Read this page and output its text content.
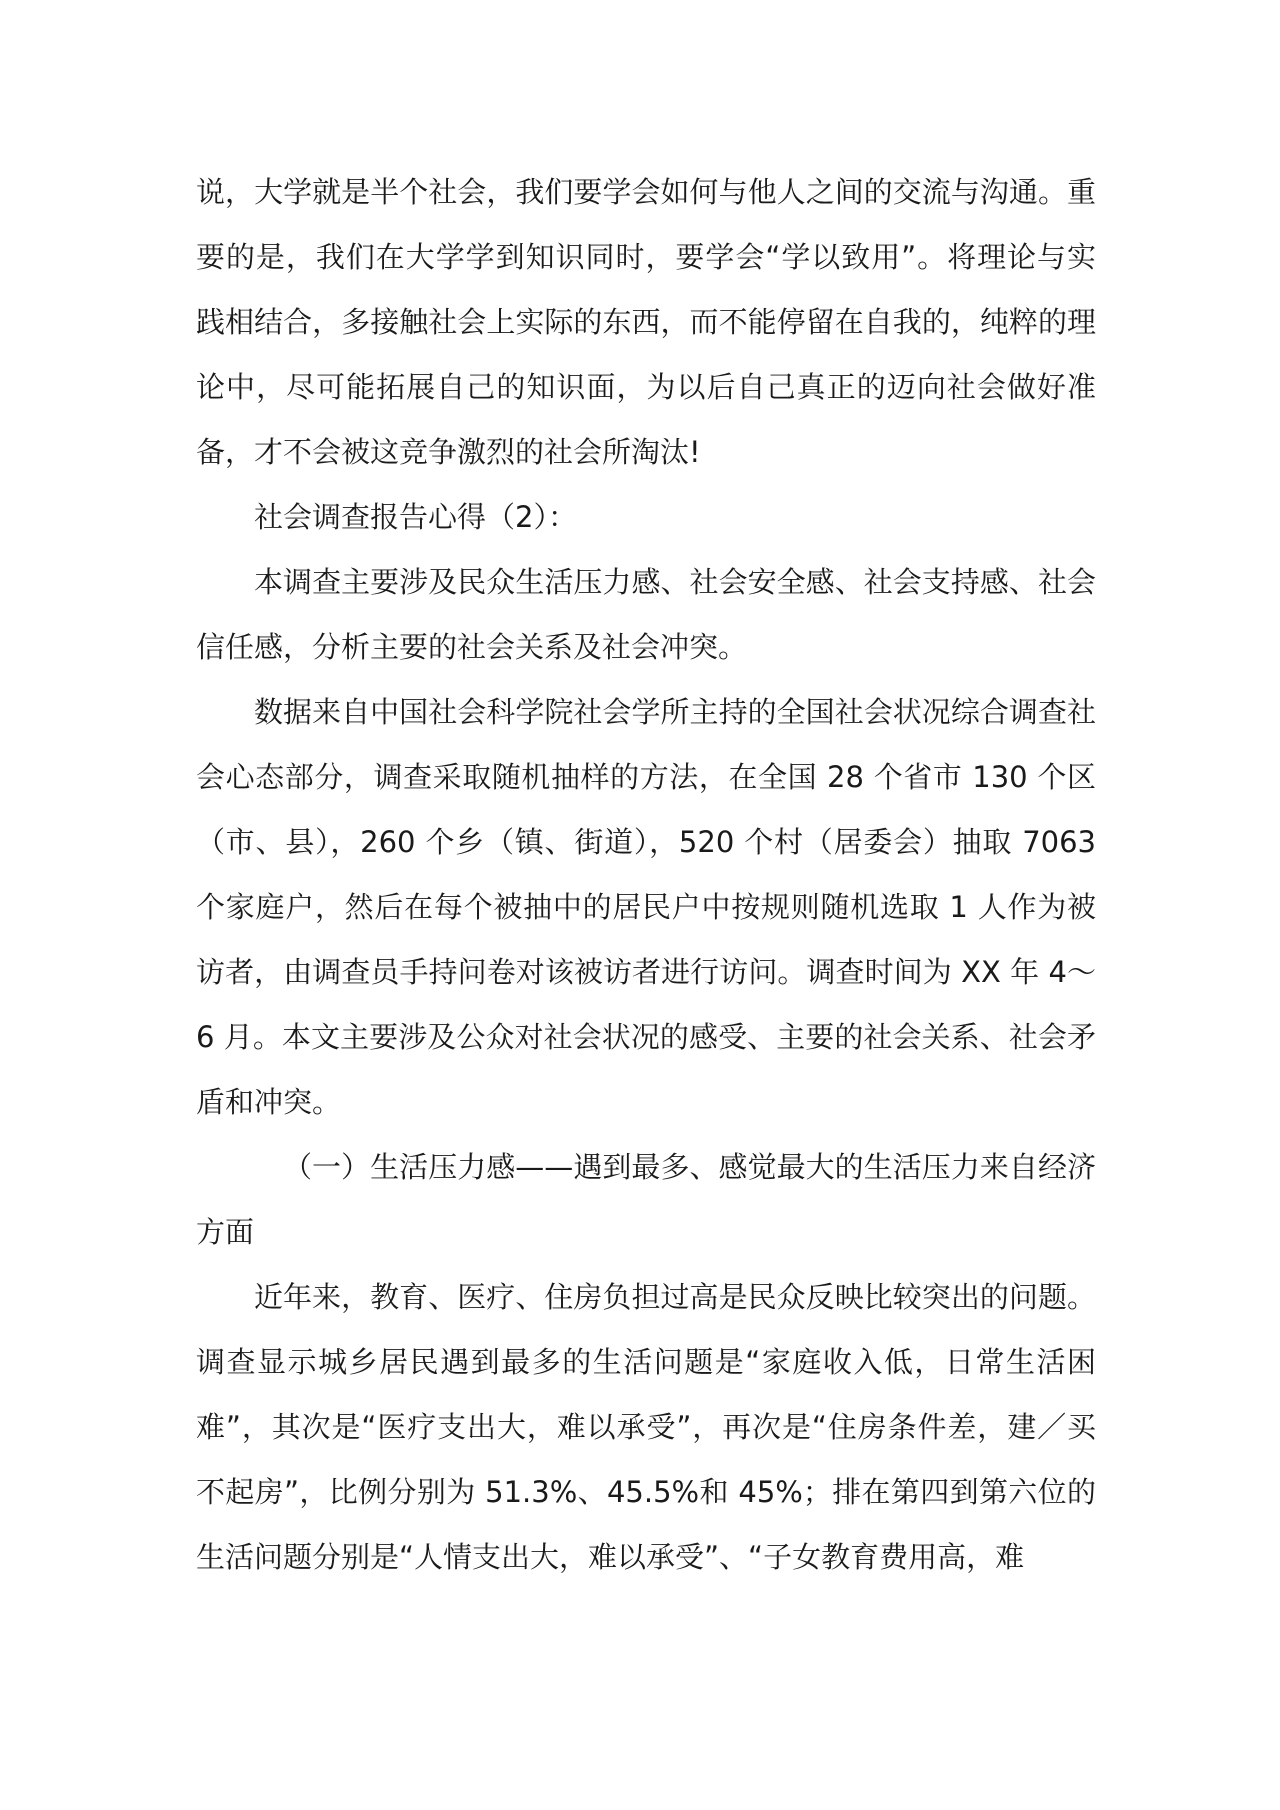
说，大学就是半个社会，我们要学会如何与他人之间的交流与沟通。重要的是，我们在大学学到知识同时，要学会“学以致用”。将理论与实践相结合，多接触社会上实际的东西，而不能停留在自我的，纯粹的理论中，尽可能拓展自己的知识面，为以后自己真正的迈向社会做好准备，才不会被这竞争激烈的社会所淘汰!

社会调查报告心得（2）：

本调查主要涉及民众生活压力感、社会安全感、社会支持感、社会信任感，分析主要的社会关系及社会冲突。

数据来自中国社会科学院社会学所主持的全国社会状况综合调查社会心态部分，调查采取随机抽样的方法，在全国 28 个省市 130 个区（市、县），260 个乡（镇、街道），520 个村（居委会）抽取 7063 个家庭户，然后在每个被抽中的居民户中按规则随机选取 1 人作为被访者，由调查员手持问卷对该被访者进行访问。调查时间为 XX 年 4～6 月。本文主要涉及公众对社会状况的感受、主要的社会关系、社会矛盾和冲突。

（一）生活压力感——遇到最多、感觉最大的生活压力来自经济方面

近年来，教育、医疗、住房负担过高是民众反映比较突出的问题。调查显示城乡居民遇到最多的生活问题是“家庭收入低，日常生活困难”，其次是“医疗支出大，难以承受”，再次是“住房条件差，建／买不起房”，比例分别为 51.3%、45.5%和 45%；排在第四到第六位的生活问题分别是“人情支出大，难以承受”、“子女教育费用高，难
